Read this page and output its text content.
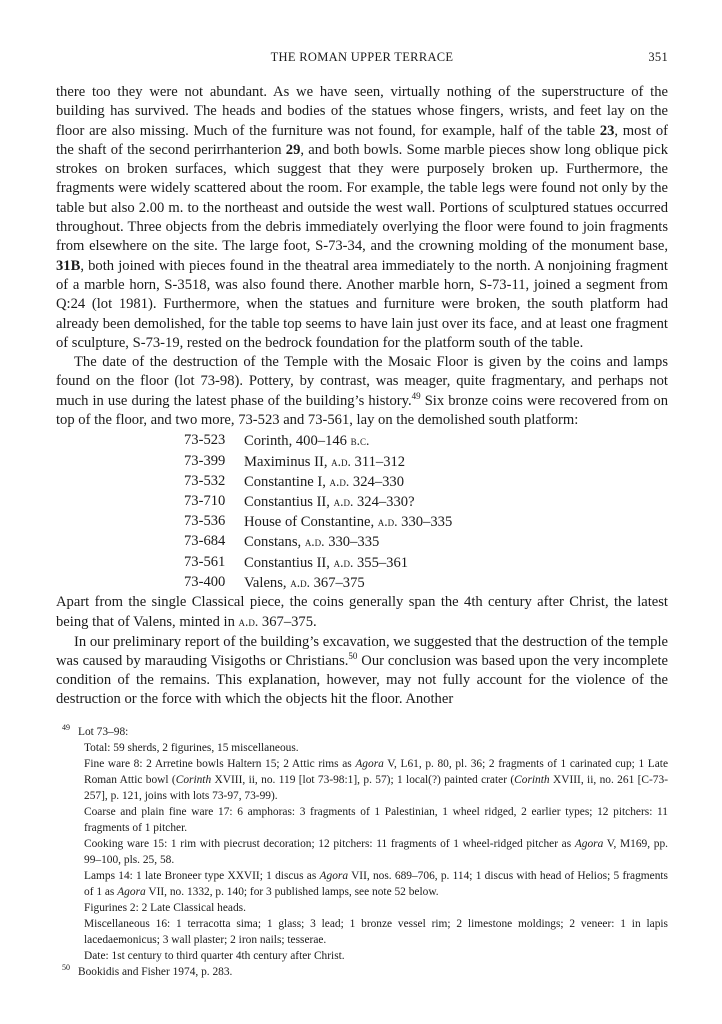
THE ROMAN UPPER TERRACE	351

there too they were not abundant. As we have seen, virtually nothing of the superstructure of the building has survived. The heads and bodies of the statues whose fingers, wrists, and feet lay on the floor are also missing. Much of the furniture was not found, for example, half of the table 23, most of the shaft of the second perirrhanterion 29, and both bowls. Some marble pieces show long oblique pick strokes on broken surfaces, which suggest that they were purposely broken up. Furthermore, the fragments were widely scattered about the room. For example, the table legs were found not only by the table but also 2.00 m. to the northeast and outside the west wall. Portions of sculptured statues occurred throughout. Three objects from the debris immediately overlying the floor were found to join fragments from elsewhere on the site. The large foot, S-73-34, and the crowning molding of the monument base, 31B, both joined with pieces found in the theatral area immediately to the north. A nonjoining fragment of a marble horn, S-3518, was also found there. Another marble horn, S-73-11, joined a segment from Q:24 (lot 1981). Furthermore, when the statues and furniture were broken, the south platform had already been demolished, for the table top seems to have lain just over its face, and at least one fragment of sculpture, S-73-19, rested on the bedrock foundation for the platform south of the table.

The date of the destruction of the Temple with the Mosaic Floor is given by the coins and lamps found on the floor (lot 73-98). Pottery, by contrast, was meager, quite fragmentary, and perhaps not much in use during the latest phase of the building’s history.$^{49}$ Six bronze coins were recovered from on top of the floor, and two more, 73-523 and 73-561, lay on the demolished south platform:

73-523	Corinth, 400–146 b.c.
73-399	Maximinus II, a.d. 311–312
73-532	Constantine I, a.d. 324–330
73-710	Constantius II, a.d. 324–330?
73-536	House of Constantine, a.d. 330–335
73-684	Constans, a.d. 330–335
73-561	Constantius II, a.d. 355–361
73-400	Valens, a.d. 367–375

Apart from the single Classical piece, the coins generally span the 4th century after Christ, the latest being that of Valens, minted in a.d. 367–375.

In our preliminary report of the building’s excavation, we suggested that the destruction of the temple was caused by marauding Visigoths or Christians.$^{50}$ Our conclusion was based upon the very incomplete condition of the remains. This explanation, however, may not fully account for the violence of the destruction or the force with which the objects hit the floor. Another

$^{49}$ Lot 73–98:

Total: 59 sherds, 2 figurines, 15 miscellaneous.

Fine ware 8: 2 Arretine bowls Haltern 15; 2 Attic rims as Agora V, L61, p. 80, pl. 36; 2 fragments of 1 carinated cup; 1 Late Roman Attic bowl (Corinth XVIII, ii, no. 119 [lot 73-98:1], p. 57); 1 local(?) painted crater (Corinth XVIII, ii, no. 261 [C-73-257], p. 121, joins with lots 73-97, 73-99).

Coarse and plain fine ware 17: 6 amphoras: 3 fragments of 1 Palestinian, 1 wheel ridged, 2 earlier types; 12 pitchers: 11 fragments of 1 pitcher.

Cooking ware 15: 1 rim with piecrust decoration; 12 pitchers: 11 fragments of 1 wheel-ridged pitcher as Agora V, M169, pp. 99–100, pls. 25, 58.

Lamps 14: 1 late Broneer type XXVII; 1 discus as Agora VII, nos. 689–706, p. 114; 1 discus with head of Helios; 5 fragments of 1 as Agora VII, no. 1332, p. 140; for 3 published lamps, see note 52 below.

Figurines 2: 2 Late Classical heads.

Miscellaneous 16: 1 terracotta sima; 1 glass; 3 lead; 1 bronze vessel rim; 2 limestone moldings; 2 veneer: 1 in lapis lacedaemonicus; 3 wall plaster; 2 iron nails; tesserae.

Date: 1st century to third quarter 4th century after Christ.

$^{50}$ Bookidis and Fisher 1974, p. 283.
